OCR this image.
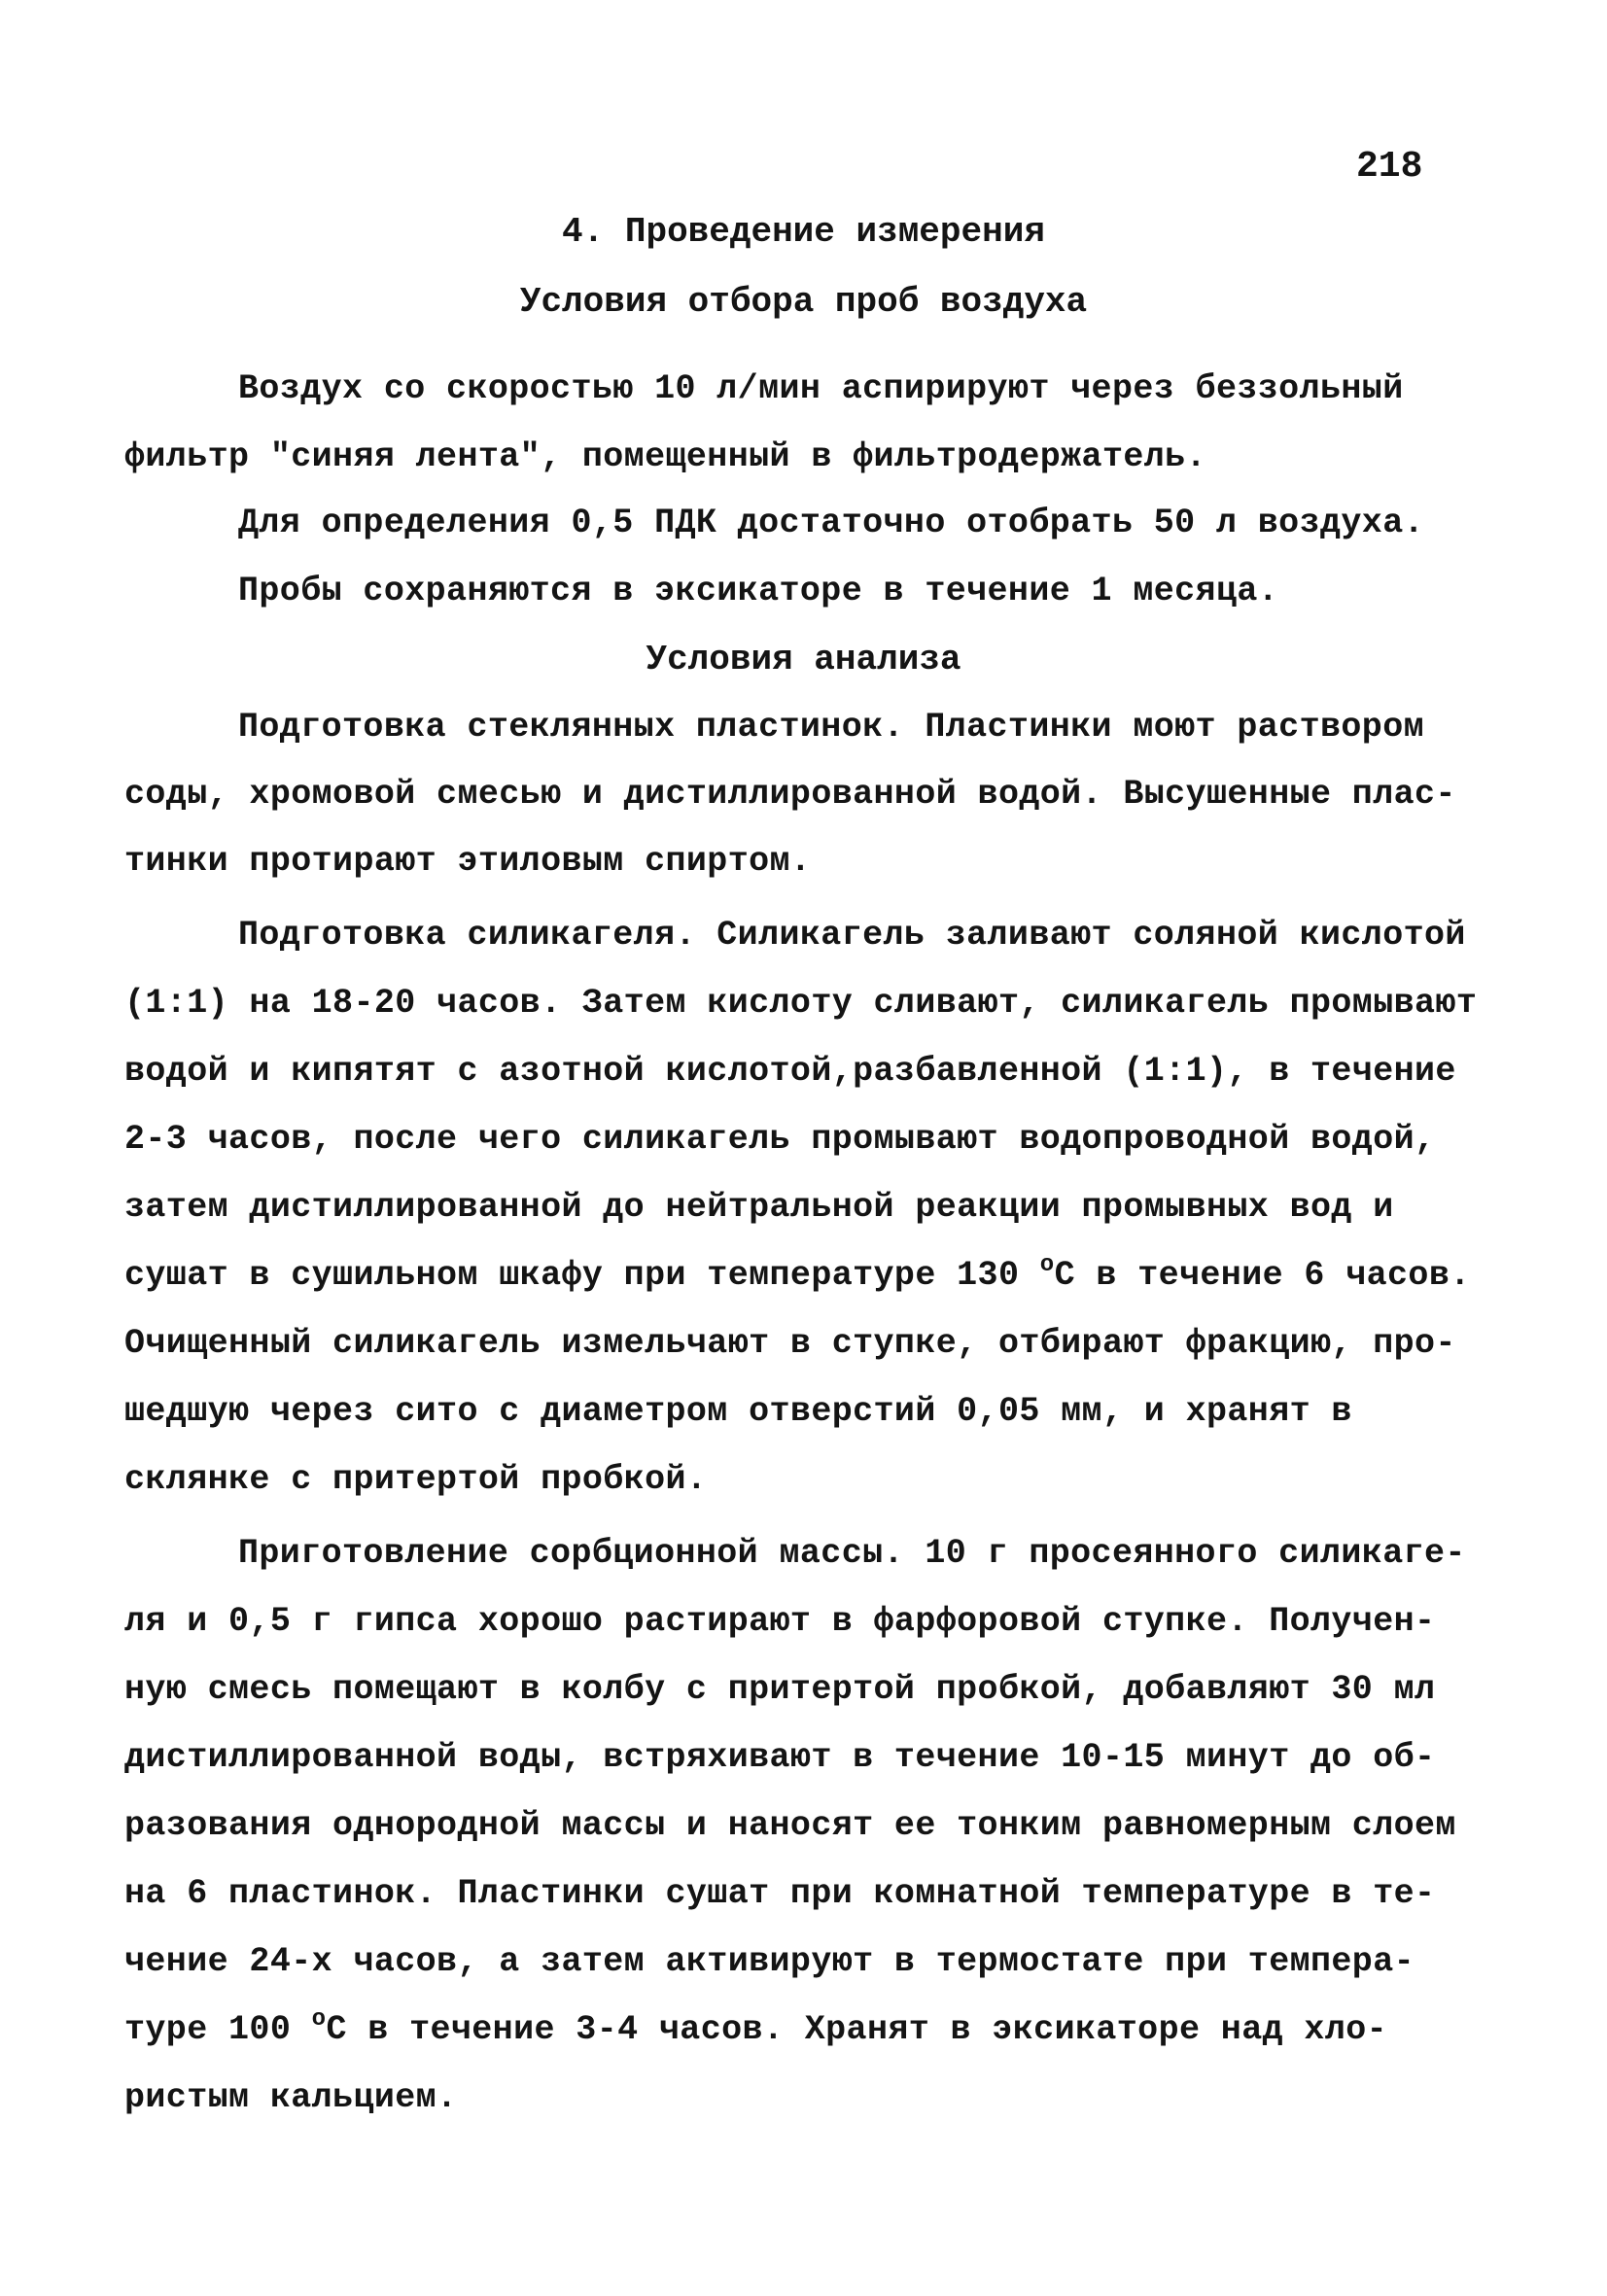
218
4. Проведение измерения
Условия отбора проб воздуха
Воздух со скоростью 10 л/мин аспирируют через беззольный
фильтр "синяя лента", помещенный в фильтродержатель.
Для определения 0,5 ПДК достаточно отобрать 50 л воздуха.
Пробы сохраняются в эксикаторе в течение 1 месяца.
Условия анализа
Подготовка стеклянных пластинок. Пластинки моют раствором
соды, хромовой смесью и дистиллированной водой. Высушенные плас-
тинки протирают этиловым спиртом.
Подготовка силикагеля. Силикагель заливают соляной кислотой
(1:1) на 18-20 часов. Затем кислоту сливают, силикагель промывают
водой и кипятят с азотной кислотой,разбавленной (1:1), в течение
2-3 часов, после чего силикагель промывают водопроводной водой,
затем дистиллированной до нейтральной реакции промывных вод и
сушат в сушильном шкафу при температуре 130 $^о$С в течение 6 часов.
Очищенный силикагель измельчают в ступке, отбирают фракцию, про-
шедшую через сито с диаметром отверстий 0,05 мм, и хранят в
склянке с притертой пробкой.
Приготовление сорбционной массы. 10 г просеянного силикаге-
ля и 0,5 г гипса хорошо растирают в фарфоровой ступке. Получен-
ную смесь помещают в колбу с притертой пробкой, добавляют 30 мл
дистиллированной воды, встряхивают в течение 10-15 минут до об-
разования однородной массы и наносят ее тонким равномерным слоем
на 6 пластинок. Пластинки сушат при комнатной температуре в те-
чение 24-х часов, а затем активируют в термостате при темпера-
туре 100 $^о$С в течение 3-4 часов. Хранят в эксикаторе над хло-
ристым кальцием.
